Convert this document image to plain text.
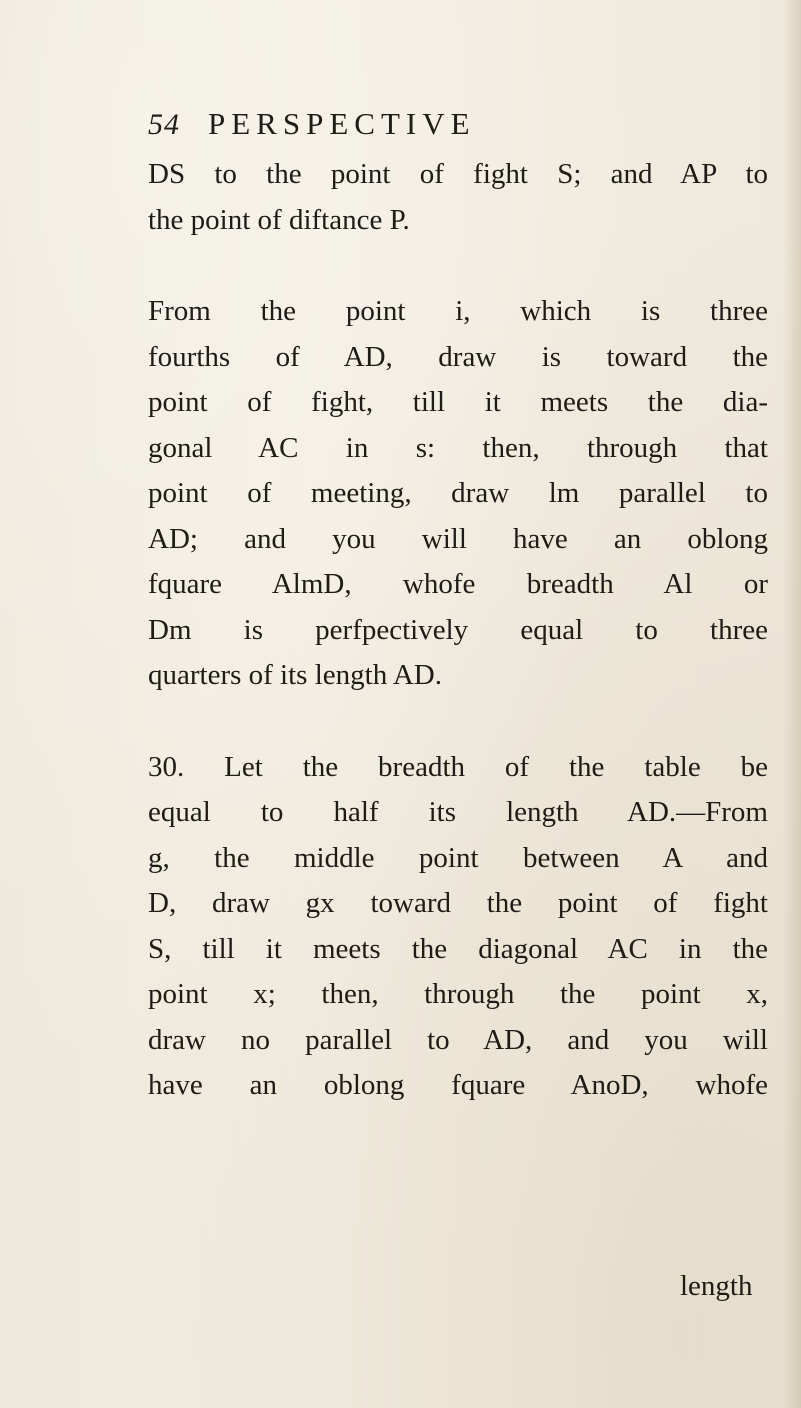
54 PERSPECTIVE

DS to the point of fight S; and AP to
the point of diftance P.

From the point i, which is three
fourths of AD, draw is toward the
point of fight, till it meets the dia-
gonal AC in s: then, through that
point of meeting, draw lm parallel to
AD; and you will have an oblong
fquare AlmD, whofe breadth Al or
Dm is perfpectively equal to three
quarters of its length AD.

30. Let the breadth of the table be
equal to half its length AD.—From
g, the middle point between A and
D, draw gx toward the point of fight
S, till it meets the diagonal AC in the
point x; then, through the point x,
draw no parallel to AD, and you will
have an oblong fquare AnoD, whofe

length
